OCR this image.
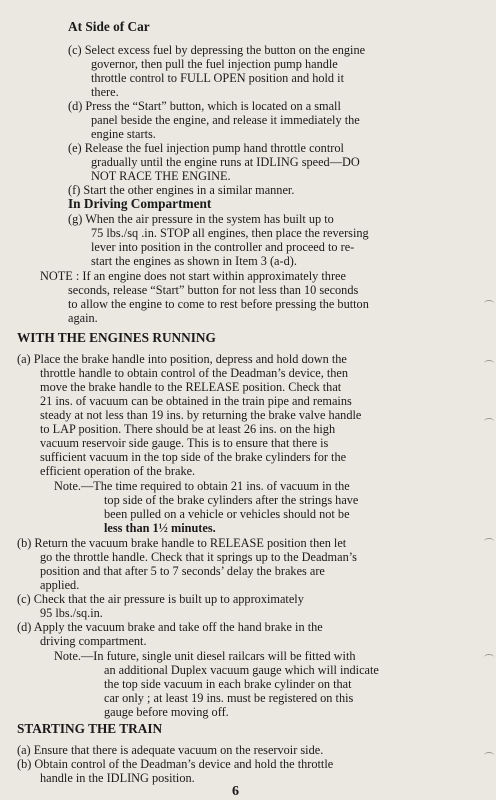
At Side of Car
(c) Select excess fuel by depressing the button on the engine
governor, then pull the fuel injection pump handle
throttle control to FULL OPEN position and hold it
there.
(d) Press the “Start” button, which is located on a small
panel beside the engine, and release it immediately the
engine starts.
(e) Release the fuel injection pump hand throttle control
gradually until the engine runs at IDLING speed—DO
NOT RACE THE ENGINE.
(f) Start the other engines in a similar manner.
In Driving Compartment
(g) When the air pressure in the system has built up to
75 lbs./sq .in. STOP all engines, then place the reversing
lever into position in the controller and proceed to re-
start the engines as shown in Item 3 (a-d).
NOTE : If an engine does not start within approximately three
seconds, release “Start” button for not less than 10 seconds
to allow the engine to come to rest before pressing the button
again.
WITH THE ENGINES RUNNING
(a) Place the brake handle into position, depress and hold down the
throttle handle to obtain control of the Deadman’s device, then
move the brake handle to the RELEASE position. Check that
21 ins. of vacuum can be obtained in the train pipe and remains
steady at not less than 19 ins. by returning the brake valve handle
to LAP position. There should be at least 26 ins. on the high
vacuum reservoir side gauge. This is to ensure that there is
sufficient vacuum in the top side of the brake cylinders for the
efficient operation of the brake.
Note.—The time required to obtain 21 ins. of vacuum in the
top side of the brake cylinders after the strings have
been pulled on a vehicle or vehicles should not be
less than 1½ minutes.
(b) Return the vacuum brake handle to RELEASE position then let
go the throttle handle. Check that it springs up to the Deadman’s
position and that after 5 to 7 seconds’ delay the brakes are
applied.
(c) Check that the air pressure is built up to approximately
95 lbs./sq.in.
(d) Apply the vacuum brake and take off the hand brake in the
driving compartment.
Note.—In future, single unit diesel railcars will be fitted with
an additional Duplex vacuum gauge which will indicate
the top side vacuum in each brake cylinder on that
car only ; at least 19 ins. must be registered on this
gauge before moving off.
STARTING THE TRAIN
(a) Ensure that there is adequate vacuum on the reservoir side.
(b) Obtain control of the Deadman’s device and hold the throttle
handle in the IDLING position.
6
